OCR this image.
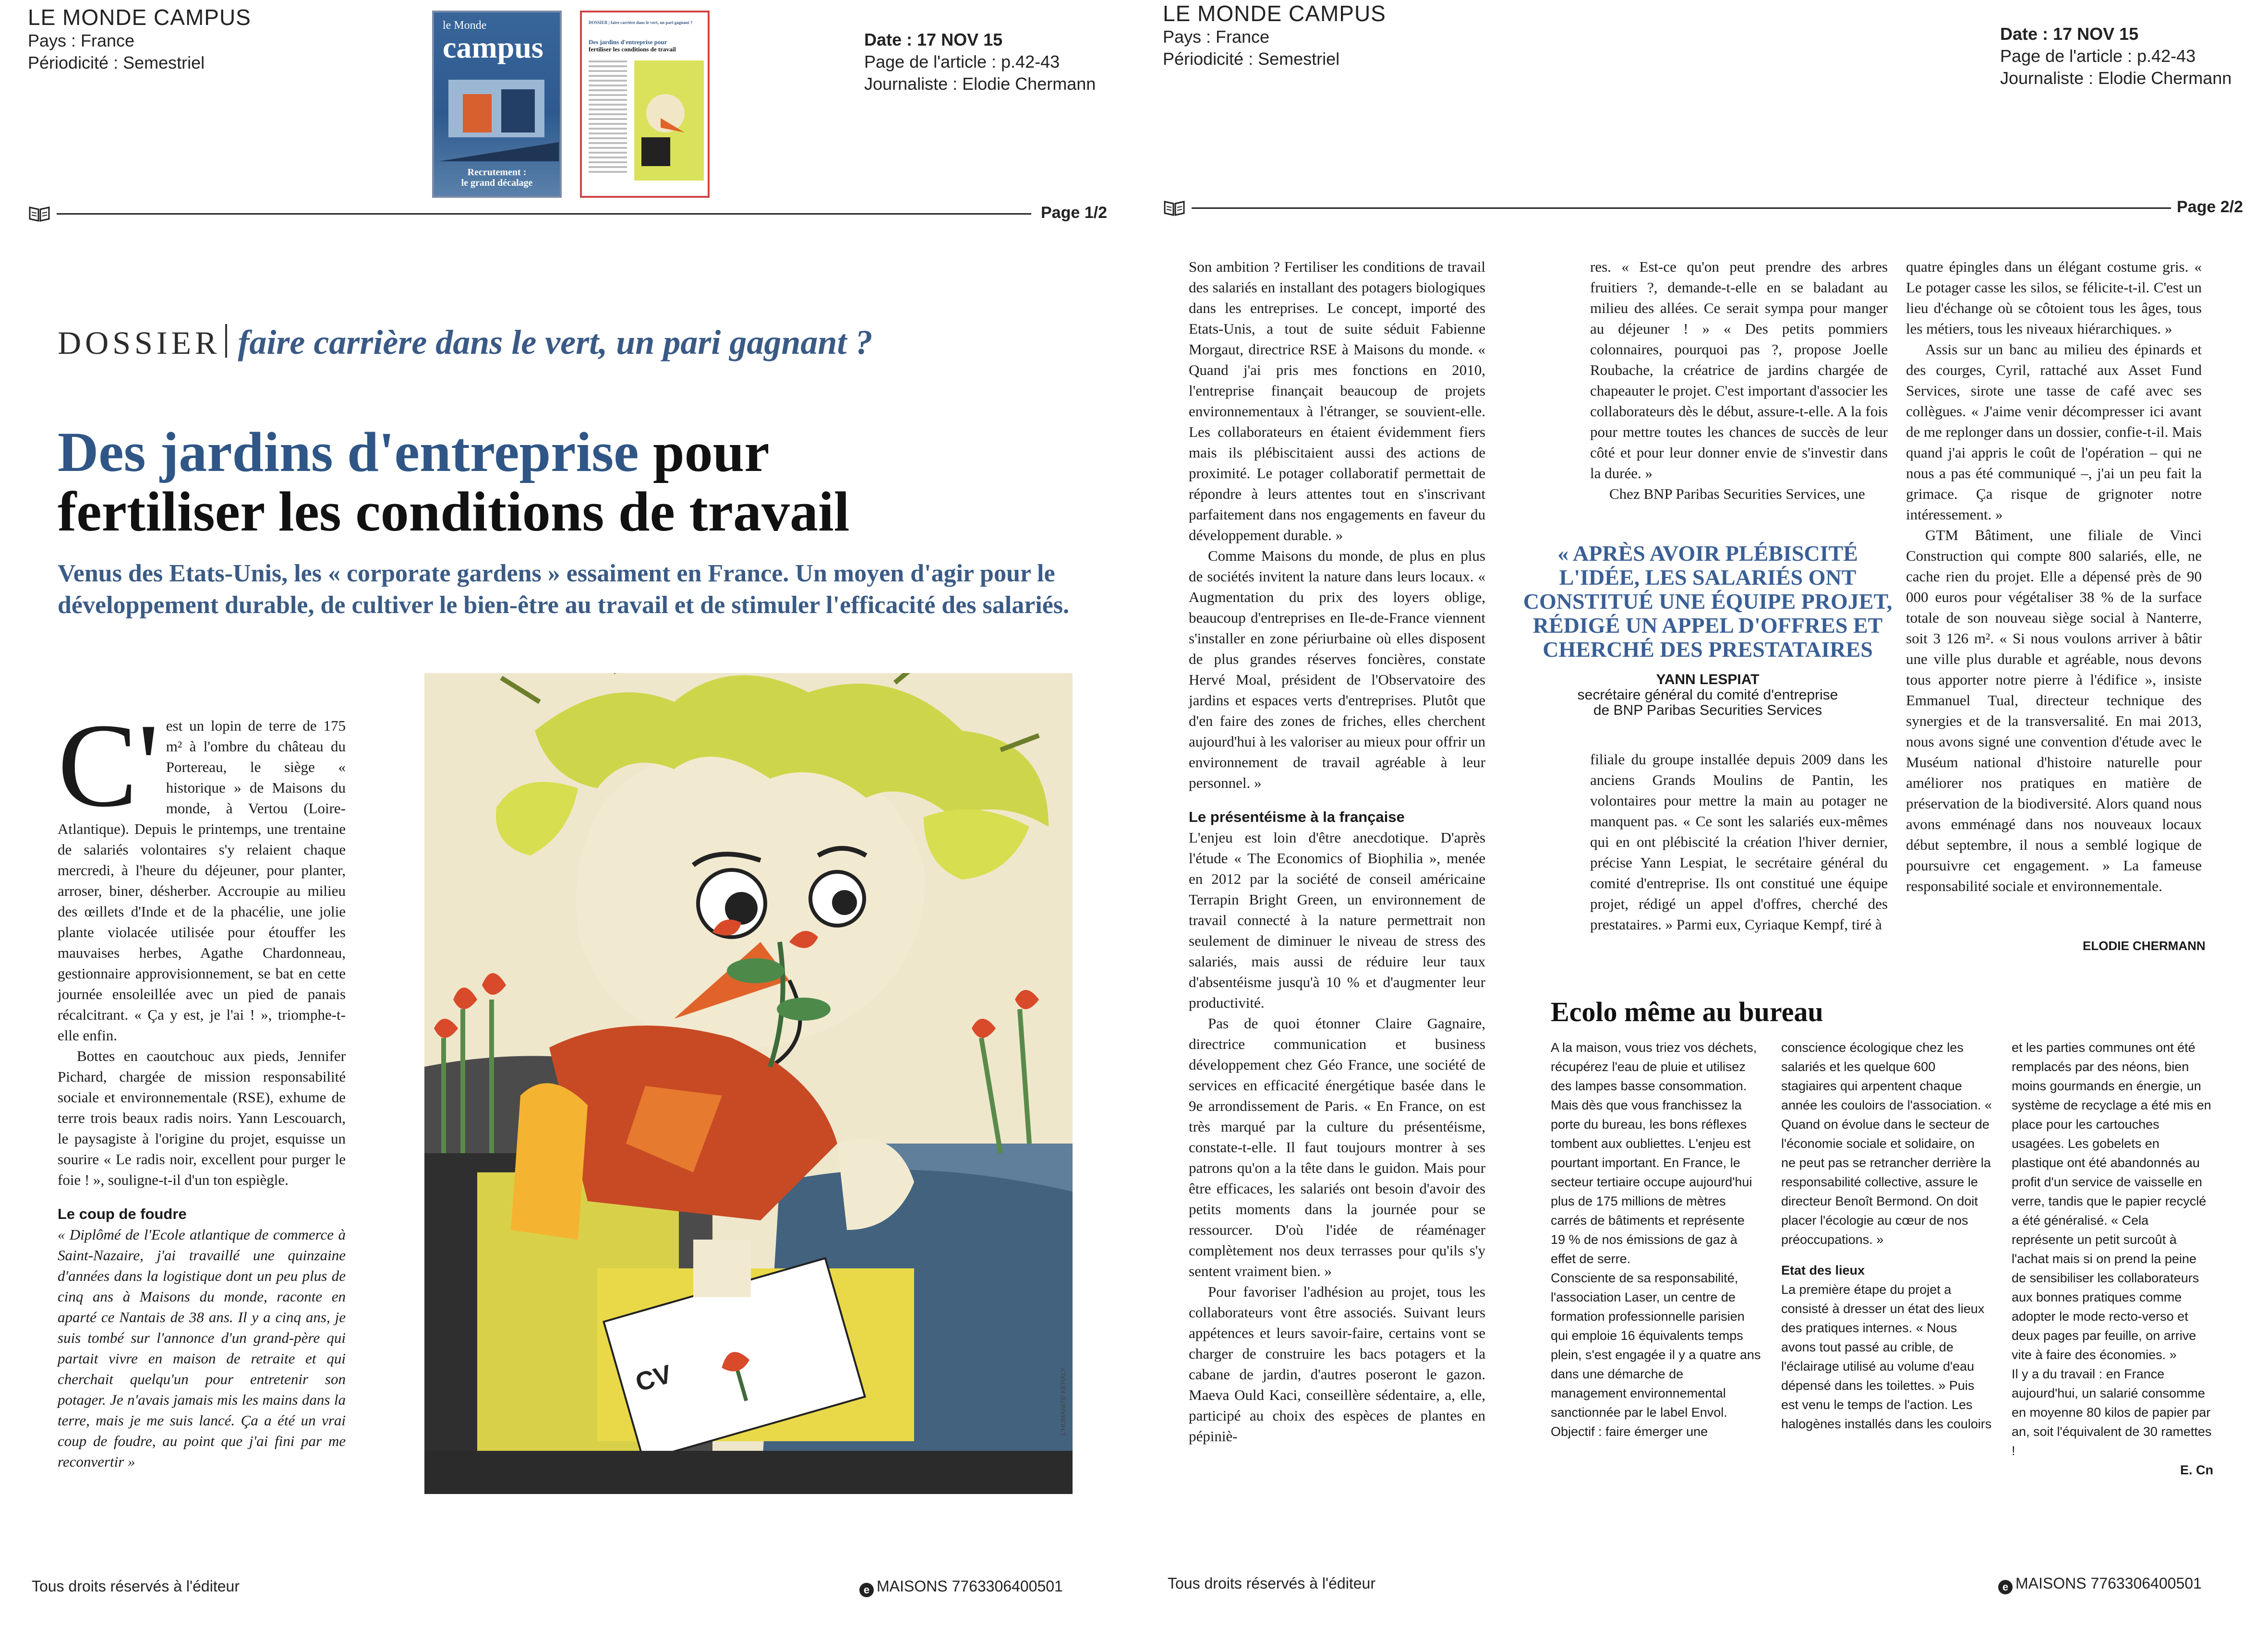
LE MONDE CAMPUS
Pays : France
Périodicité : Semestriel
le Monde
campus
Recrutement :
le grand décalage
DOSSIER | faire carrière dans le vert, un pari gagnant ?
Des jardins d'entreprise pour
fertiliser les conditions de travail	Date : 17 NOV 15
Page de l'article : p.42-43
Journaliste : Elodie Chermann
Page 1/2
DOSSIER faire carrière dans le vert, un pari gagnant ?
Des jardins d'entreprise pour
fertiliser les conditions de travail
Venus des Etats-Unis, les « corporate gardens » essaiment en France. Un moyen d'agir pour le développement durable, de cultiver le bien-être au travail et de stimuler l'efficacité des salariés.

C' est un lopin de terre de 175 m² à l'ombre du château du Portereau, le siège « historique » de Maisons du monde, à Vertou (Loire-Atlantique). Depuis le printemps, une trentaine de salariés volontaires s'y relaient chaque mercredi, à l'heure du déjeuner, pour planter, arroser, biner, désherber. Accroupie au milieu des œillets d'Inde et de la phacélie, une jolie plante violacée utilisée pour étouffer les mauvaises herbes, Agathe Chardonneau, gestionnaire approvisionnement, se bat en cette journée ensoleillée avec un pied de panais récalcitrant. « Ça y est, je l'ai ! », triomphe-t-elle enfin.

Bottes en caoutchouc aux pieds, Jennifer Pichard, chargée de mission responsabilité sociale et environnementale (RSE), exhume de terre trois beaux radis noirs. Yann Lescouarch, le paysagiste à l'origine du projet, esquisse un sourire « Le radis noir, excellent pour purger le foie ! », souligne-t-il d'un ton espiègle.

Le coup de foudre

« Diplômé de l'Ecole atlantique de commerce à Saint-Nazaire, j'ai travaillé une quinzaine d'années dans la logistique dont un peu plus de cinq ans à Maisons du monde, raconte en aparté ce Nantais de 38 ans. Il y a cinq ans, je suis tombé sur l'annonce d'un grand-père qui partait vivre en maison de retraite et qui cherchait quelqu'un pour entretenir son potager. Je n'avais jamais mis les mains dans la terre, mais je me suis lancé. Ça a été un vrai coup de foudre, au point que j'ai fini par me reconvertir »

CV	L'HUMANITE KERALY
Tous droits réservés à l'éditeur	e MAISONS 7763306400501
LE MONDE CAMPUS
Pays : France
Périodicité : Semestriel
Date : 17 NOV 15
Page de l'article : p.42-43
Journaliste : Elodie Chermann
Page 2/2

Son ambition ? Fertiliser les conditions de travail des salariés en installant des potagers biologiques dans les entreprises. Le concept, importé des Etats-Unis, a tout de suite séduit Fabienne Morgaut, directrice RSE à Maisons du monde. « Quand j'ai pris mes fonctions en 2010, l'entreprise finançait beaucoup de projets environnementaux à l'étranger, se souvient-elle. Les collaborateurs en étaient évidemment fiers mais ils plébiscitaient aussi des actions de proximité. Le potager collaboratif permettait de répondre à leurs attentes tout en s'inscrivant parfaitement dans nos engagements en faveur du développement durable. »

Comme Maisons du monde, de plus en plus de sociétés invitent la nature dans leurs locaux. « Augmentation du prix des loyers oblige, beaucoup d'entreprises en Ile-de-France viennent s'installer en zone périurbaine où elles disposent de plus grandes réserves foncières, constate Hervé Moal, président de l'Observatoire des jardins et espaces verts d'entreprises. Plutôt que d'en faire des zones de friches, elles cherchent aujourd'hui à les valoriser au mieux pour offrir un environnement de travail agréable à leur personnel. »

Le présentéisme à la française

L'enjeu est loin d'être anecdotique. D'après l'étude « The Economics of Biophilia », menée en 2012 par la société de conseil américaine Terrapin Bright Green, un environnement de travail connecté à la nature permettrait non seulement de diminuer le niveau de stress des salariés, mais aussi de réduire leur taux d'absentéisme jusqu'à 10 % et d'augmenter leur productivité.

Pas de quoi étonner Claire Gagnaire, directrice communication et business développement chez Géo France, une société de services en efficacité énergétique basée dans le 9e arrondissement de Paris. « En France, on est très marqué par la culture du présentéisme, constate-t-elle. Il faut toujours montrer à ses patrons qu'on a la tête dans le guidon. Mais pour être efficaces, les salariés ont besoin d'avoir des petits moments dans la journée pour se ressourcer. D'où l'idée de réaménager complètement nos deux terrasses pour qu'ils s'y sentent vraiment bien. »

Pour favoriser l'adhésion au projet, tous les collaborateurs vont être associés. Suivant leurs appétences et leurs savoir-faire, certains vont se charger de construire les bacs potagers et la cabane de jardin, d'autres poseront le gazon. Maeva Ould Kaci, conseillère sédentaire, a, elle, participé au choix des espèces de plantes en pépiniè-

res. « Est-ce qu'on peut prendre des arbres fruitiers ?, demande-t-elle en se baladant au milieu des allées. Ce serait sympa pour manger au déjeuner ! » « Des petits pommiers colonnaires, pourquoi pas ?, propose Joelle Roubache, la créatrice de jardins chargée de chapeauter le projet. C'est important d'associer les collaborateurs dès le début, assure-t-elle. A la fois pour mettre toutes les chances de succès de leur côté et pour leur donner envie de s'investir dans la durée. »

Chez BNP Paribas Securities Services, une

filiale du groupe installée depuis 2009 dans les anciens Grands Moulins de Pantin, les volontaires pour mettre la main au potager ne manquent pas. « Ce sont les salariés eux-mêmes qui en ont plébiscité la création l'hiver dernier, précise Yann Lespiat, le secrétaire général du comité d'entreprise. Ils ont constitué une équipe projet, rédigé un appel d'offres, cherché des prestataires. » Parmi eux, Cyriaque Kempf, tiré à

« APRÈS AVOIR PLÉBISCITÉ L'IDÉE, LES SALARIÉS ONT CONSTITUÉ UNE ÉQUIPE PROJET, RÉDIGÉ UN APPEL D'OFFRES ET CHERCHÉ DES PRESTATAIRES
YANN LESPIAT
secrétaire général du comité d'entreprise
de BNP Paribas Securities Services

quatre épingles dans un élégant costume gris. « Le potager casse les silos, se félicite-t-il. C'est un lieu d'échange où se côtoient tous les âges, tous les métiers, tous les niveaux hiérarchiques. »

Assis sur un banc au milieu des épinards et des courges, Cyril, rattaché aux Asset Fund Services, sirote une tasse de café avec ses collègues. « J'aime venir décompresser ici avant de me replonger dans un dossier, confie-t-il. Mais quand j'ai appris le coût de l'opération – qui ne nous a pas été communiqué –, j'ai un peu fait la grimace. Ça risque de grignoter notre intéressement. »

GTM Bâtiment, une filiale de Vinci Construction qui compte 800 salariés, elle, ne cache rien du projet. Elle a dépensé près de 90 000 euros pour végétaliser 38 % de la surface totale de son nouveau siège social à Nanterre, soit 3 126 m². « Si nous voulons arriver à bâtir une ville plus durable et agréable, nous devons tous apporter notre pierre à l'édifice », insiste Emmanuel Tual, directeur technique des synergies et de la transversalité. En mai 2013, nous avons signé une convention d'étude avec le Muséum national d'histoire naturelle pour améliorer nos pratiques en matière de préservation de la biodiversité. Alors quand nous avons emménagé dans nos nouveaux locaux début septembre, il nous a semblé logique de poursuivre cet engagement. » La fameuse responsabilité sociale et environnementale.

ELODIE CHERMANN
Ecolo même au bureau

A la maison, vous triez vos déchets, récupérez l'eau de pluie et utilisez des lampes basse consommation. Mais dès que vous franchissez la porte du bureau, les bons réflexes tombent aux oubliettes. L'enjeu est pourtant important. En France, le secteur tertiaire occupe aujourd'hui plus de 175 millions de mètres carrés de bâtiments et représente 19 % de nos émissions de gaz à effet de serre.

Consciente de sa responsabilité, l'association Laser, un centre de formation professionnelle parisien qui emploie 16 équivalents temps plein, s'est engagée il y a quatre ans dans une démarche de management environnemental sanctionnée par le label Envol.

Objectif : faire émerger une

conscience écologique chez les salariés et les quelque 600 stagiaires qui arpentent chaque année les couloirs de l'association. « Quand on évolue dans le secteur de l'économie sociale et solidaire, on ne peut pas se retrancher derrière la responsabilité collective, assure le directeur Benoît Bermond. On doit placer l'écologie au cœur de nos préoccupations. »

Etat des lieux

La première étape du projet a consisté à dresser un état des lieux des pratiques internes. « Nous avons tout passé au crible, de l'éclairage utilisé au volume d'eau dépensé dans les toilettes. » Puis est venu le temps de l'action. Les halogènes installés dans les couloirs

et les parties communes ont été remplacés par des néons, bien moins gourmands en énergie, un système de recyclage a été mis en place pour les cartouches usagées. Les gobelets en plastique ont été abandonnés au profit d'un service de vaisselle en verre, tandis que le papier recyclé a été généralisé. « Cela représente un petit surcoût à l'achat mais si on prend la peine de sensibiliser les collaborateurs aux bonnes pratiques comme adopter le mode recto-verso et deux pages par feuille, on arrive vite à faire des économies. »

Il y a du travail : en France aujourd'hui, un salarié consomme en moyenne 80 kilos de papier par an, soit l'équivalent de 30 ramettes !

E. Cn

Tous droits réservés à l'éditeur	e MAISONS 7763306400501
